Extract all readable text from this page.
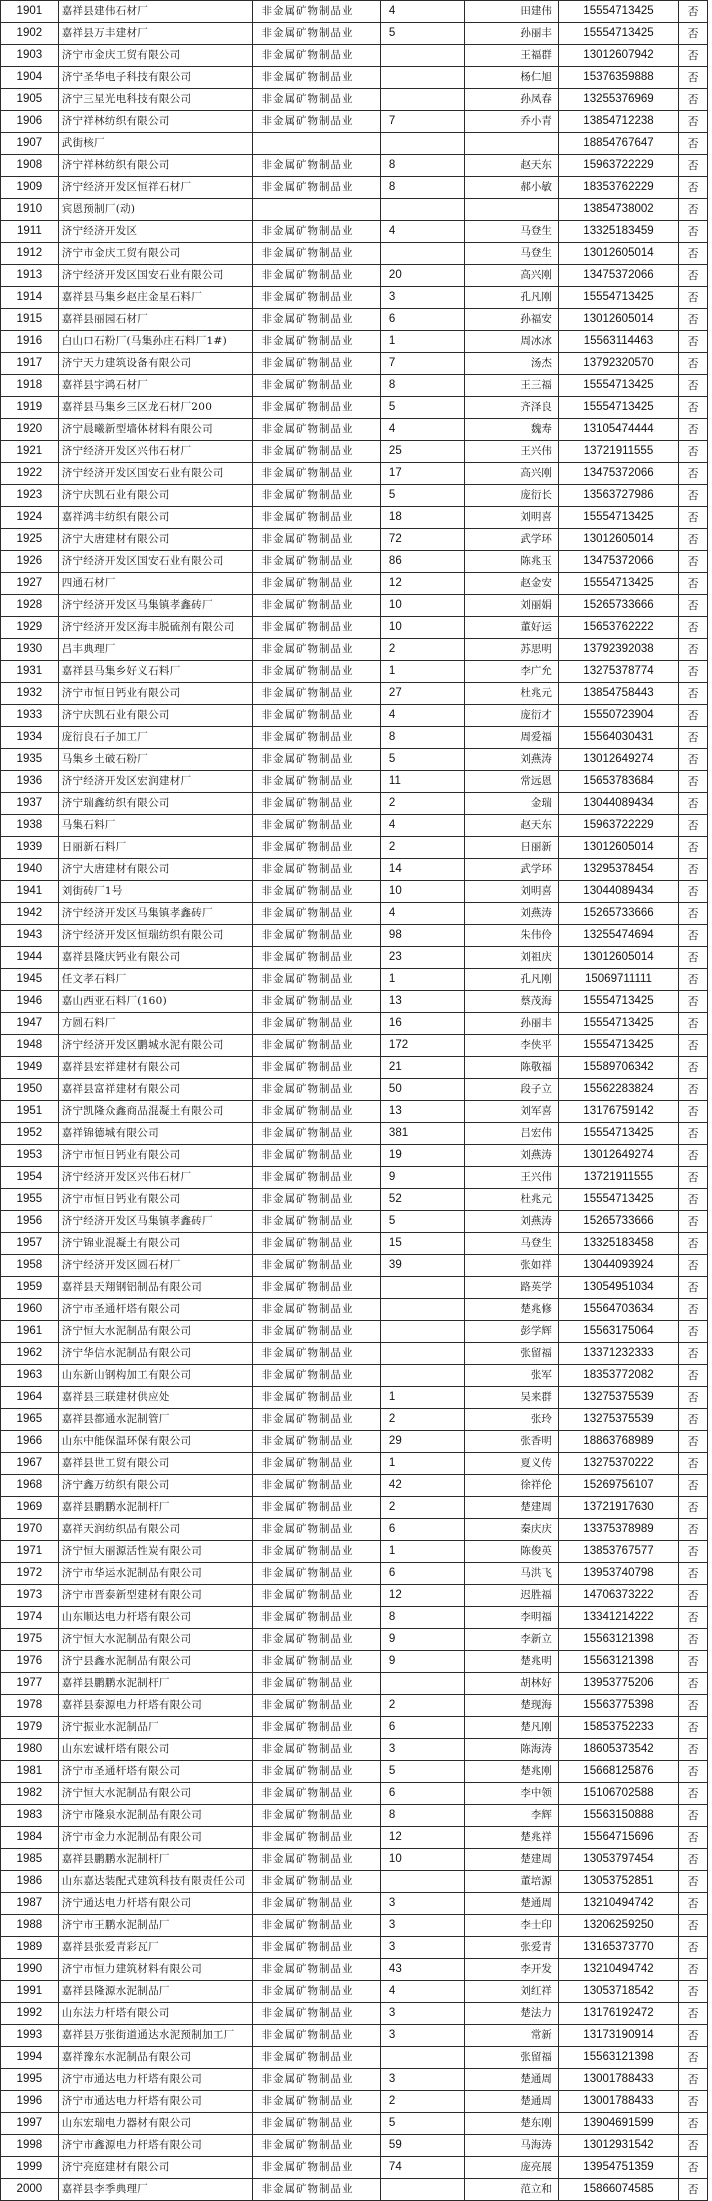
1901	嘉祥县建伟石材厂	非金属矿物制品业	4	田建伟	15554713425	否
1902	嘉祥县万丰建材厂	非金属矿物制品业	5	孙丽丰	15554713425	否
1903	济宁市金庆工贸有限公司	非金属矿物制品业		王福群	13012607942	否
1904	济宁圣华电子科技有限公司	非金属矿物制品业		杨仁旭	15376359888	否
1905	济宁三星光电科技有限公司	非金属矿物制品业		孙凤春	13255376969	否
1906	济宁祥林纺织有限公司	非金属矿物制品业	7	乔小青	13854712238	否
1907	武街核厂				18854767647	否
1908	济宁祥林纺织有限公司	非金属矿物制品业	8	赵天东	15963722229	否
1909	济宁经济开发区恒祥石材厂	非金属矿物制品业	8	郝小敏	18353762229	否
1910	宾恩预制厂(动)				13854738002	否
1911	济宁经济开发区	非金属矿物制品业	4	马登生	13325183459	否
1912	济宁市金庆工贸有限公司	非金属矿物制品业		马登生	13012605014	否
1913	济宁经济开发区国安石业有限公司	非金属矿物制品业	20	高兴刚	13475372066	否
1914	嘉祥县马集乡赵庄金星石料厂	非金属矿物制品业	3	孔凡刚	15554713425	否
1915	嘉祥县丽园石材厂	非金属矿物制品业	6	孙福安	13012605014	否
1916	白山口石粉厂(马集孙庄石料厂1#)	非金属矿物制品业	1	周冰冰	15563114463	否
1917	济宁天力建筑设备有限公司	非金属矿物制品业	7	汤杰	13792320570	否
1918	嘉祥县宇鸿石材厂	非金属矿物制品业	8	王三福	15554713425	否
1919	嘉祥县马集乡三区龙石材厂200	非金属矿物制品业	5	齐泽良	15554713425	否
1920	济宁晨曦新型墙体材料有限公司	非金属矿物制品业	4	魏寿	13105474444	否
1921	济宁经济开发区兴伟石材厂	非金属矿物制品业	25	王兴伟	13721911555	否
1922	济宁经济开发区国安石业有限公司	非金属矿物制品业	17	高兴刚	13475372066	否
1923	济宁庆凯石业有限公司	非金属矿物制品业	5	庞衍长	13563727986	否
1924	嘉祥鸿丰纺织有限公司	非金属矿物制品业	18	刘明喜	15554713425	否
1925	济宁大唐建材有限公司	非金属矿物制品业	72	武学环	13012605014	否
1926	济宁经济开发区国安石业有限公司	非金属矿物制品业	86	陈兆玉	13475372066	否
1927	四通石材厂	非金属矿物制品业	12	赵金安	15554713425	否
1928	济宁经济开发区马集镇孝鑫砖厂	非金属矿物制品业	10	刘丽娟	15265733666	否
1929	济宁经济开发区海丰脱硫剂有限公司	非金属矿物制品业	10	董好运	15653762222	否
1930	吕丰典理厂	非金属矿物制品业	2	苏思明	13792392038	否
1931	嘉祥县马集乡好义石料厂	非金属矿物制品业	1	李广允	13275378774	否
1932	济宁市恒日钙业有限公司	非金属矿物制品业	27	杜兆元	13854758443	否
1933	济宁庆凯石业有限公司	非金属矿物制品业	4	庞衍才	15550723904	否
1934	庞衍良石子加工厂	非金属矿物制品业	8	周爱福	15564030431	否
1935	马集乡土破石粉厂	非金属矿物制品业	5	刘燕涛	13012649274	否
1936	济宁经济开发区宏润建材厂	非金属矿物制品业	11	常远恩	15653783684	否
1937	济宁瑞鑫纺织有限公司	非金属矿物制品业	2	金瑞	13044089434	否
1938	马集石料厂	非金属矿物制品业	4	赵天东	15963722229	否
1939	日丽新石料厂	非金属矿物制品业	2	日丽新	13012605014	否
1940	济宁大唐建材有限公司	非金属矿物制品业	14	武学环	13295378454	否
1941	刘街砖厂1号	非金属矿物制品业	10	刘明喜	13044089434	否
1942	济宁经济开发区马集镇孝鑫砖厂	非金属矿物制品业	4	刘燕涛	15265733666	否
1943	济宁经济开发区恒瑞纺织有限公司	非金属矿物制品业	98	朱伟伶	13255474694	否
1944	嘉祥县隆庆钙业有限公司	非金属矿物制品业	23	刘祖庆	13012605014	否
1945	任文孝石料厂	非金属矿物制品业	1	孔凡刚	15069711111	否
1946	嘉山西亚石料厂(160)	非金属矿物制品业	13	蔡茂海	15554713425	否
1947	方圆石料厂	非金属矿物制品业	16	孙丽丰	15554713425	否
1948	济宁经济开发区鹏城水泥有限公司	非金属矿物制品业	172	李侠平	15554713425	否
1949	嘉祥县宏祥建材有限公司	非金属矿物制品业	21	陈敬福	15589706342	否
1950	嘉祥县富祥建材有限公司	非金属矿物制品业	50	段子立	15562283824	否
1951	济宁凯隆众鑫商品混凝土有限公司	非金属矿物制品业	13	刘军喜	13176759142	否
1952	嘉祥锦德城有限公司	非金属矿物制品业	381	吕宏伟	15554713425	否
1953	济宁市恒日钙业有限公司	非金属矿物制品业	19	刘燕涛	13012649274	否
1954	济宁经济开发区兴伟石材厂	非金属矿物制品业	9	王兴伟	13721911555	否
1955	济宁市恒日钙业有限公司	非金属矿物制品业	52	杜兆元	15554713425	否
1956	济宁经济开发区马集镇孝鑫砖厂	非金属矿物制品业	5	刘燕涛	15265733666	否
1957	济宁锦业混凝土有限公司	非金属矿物制品业	15	马登生	13325183458	否
1958	济宁经济开发区圆石材厂	非金属矿物制品业	39	张如祥	13044093924	否
1959	嘉祥县天翔钢铝制品有限公司	非金属矿物制品业		路英学	13054951034	否
1960	济宁市圣通杆塔有限公司	非金属矿物制品业		楚兆修	15564703634	否
1961	济宁恒大水泥制品有限公司	非金属矿物制品业		彭学辉	15563175064	否
1962	济宁华信水泥制品有限公司	非金属矿物制品业		张留福	13371232333	否
1963	山东新山钢构加工有限公司	非金属矿物制品业		张军	18353772082	否
1964	嘉祥县三联建材供应处	非金属矿物制品业	1	吴来群	13275375539	否
1965	嘉祥县都通水泥制管厂	非金属矿物制品业	2	张玲	13275375539	否
1966	山东中能保温环保有限公司	非金属矿物制品业	29	张香明	18863768989	否
1967	嘉祥县世工贸有限公司	非金属矿物制品业	1	夏义传	13275370222	否
1968	济宁鑫万纺织有限公司	非金属矿物制品业	42	徐祥伦	15269756107	否
1969	嘉祥县鹏鹏水泥制杆厂	非金属矿物制品业	2	楚建周	13721917630	否
1970	嘉祥天润纺织品有限公司	非金属矿物制品业	6	秦庆庆	13375378989	否
1971	济宁恒大丽源活性炭有限公司	非金属矿物制品业	1	陈俊英	13853767577	否
1972	济宁市华运水泥制品有限公司	非金属矿物制品业	6	马洪飞	13953740798	否
1973	济宁市晋泰新型建材有限公司	非金属矿物制品业	12	迟胜福	14706373222	否
1974	山东顺达电力杆塔有限公司	非金属矿物制品业	8	李明福	13341214222	否
1975	济宁恒大水泥制品有限公司	非金属矿物制品业	9	李新立	15563121398	否
1976	济宁县鑫水泥制品有限公司	非金属矿物制品业	9	楚兆明	15563121398	否
1977	嘉祥县鹏鹏水泥制杆厂	非金属矿物制品业		胡林好	13953775206	否
1978	嘉祥县泰源电力杆塔有限公司	非金属矿物制品业	2	楚现海	15563775398	否
1979	济宁振业水泥制品厂	非金属矿物制品业	6	楚凡刚	15853752233	否
1980	山东宏诚杆塔有限公司	非金属矿物制品业	3	陈海涛	18605373542	否
1981	济宁市圣通杆塔有限公司	非金属矿物制品业	5	楚兆刚	15668125876	否
1982	济宁恒大水泥制品有限公司	非金属矿物制品业	6	李中领	15106702588	否
1983	济宁市隆泉水泥制品有限公司	非金属矿物制品业	8	李辉	15563150888	否
1984	济宁市金力水泥制品有限公司	非金属矿物制品业	12	楚兆祥	15564715696	否
1985	嘉祥县鹏鹏水泥制杆厂	非金属矿物制品业	10	楚建周	13053797454	否
1986	山东嘉达装配式建筑科技有限责任公司	非金属矿物制品业		董培源	13053752851	否
1987	济宁通达电力杆塔有限公司	非金属矿物制品业	3	楚通周	13210494742	否
1988	济宁市王鹏水泥制品厂	非金属矿物制品业	3	李士印	13206259250	否
1989	嘉祥县张爱青彩瓦厂	非金属矿物制品业	3	张爱青	13165373770	否
1990	济宁市恒力建筑材料有限公司	非金属矿物制品业	43	李开发	13210494742	否
1991	嘉祥县隆源水泥制品厂	非金属矿物制品业	4	刘红祥	13053718542	否
1992	山东法力杆塔有限公司	非金属矿物制品业	3	楚法力	13176192472	否
1993	嘉祥县万张街道通达水泥预制加工厂	非金属矿物制品业	3	常新	13173190914	否
1994	嘉祥豫东水泥制品有限公司	非金属矿物制品业		张留福	15563121398	否
1995	济宁市通达电力杆塔有限公司	非金属矿物制品业	3	楚通周	13001788433	否
1996	济宁市通达电力杆塔有限公司	非金属矿物制品业	2	楚通周	13001788433	否
1997	山东宏瑞电力器材有限公司	非金属矿物制品业	5	楚东刚	13904691599	否
1998	济宁市鑫源电力杆塔有限公司	非金属矿物制品业	59	马海涛	13012931542	否
1999	济宁亮庭建材有限公司	非金属矿物制品业	74	庞亮展	13954751359	否
2000	嘉祥县李季典理厂	非金属矿物制品业		范立和	15866074585	否
